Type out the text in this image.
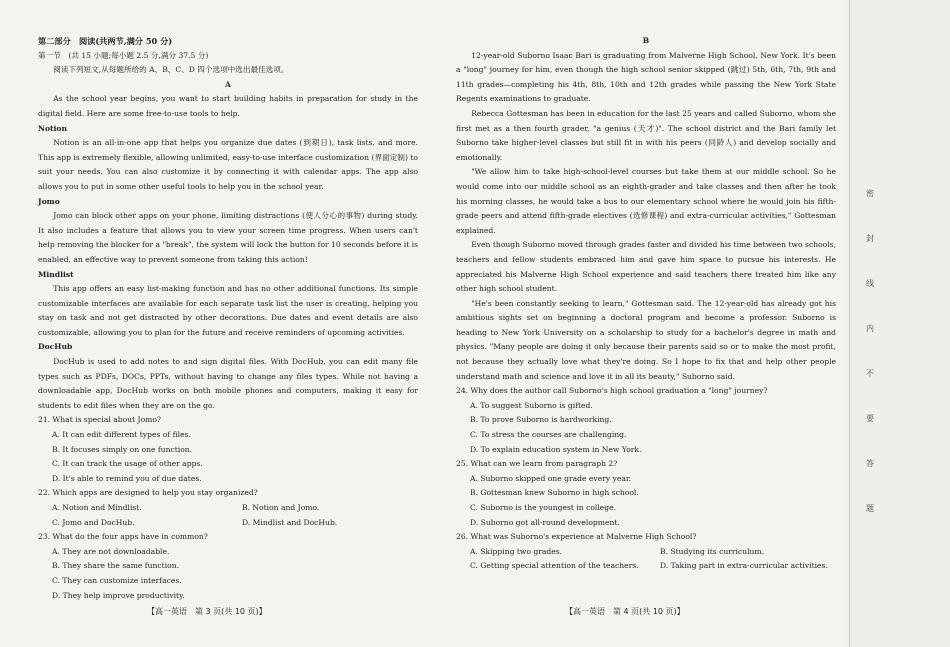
第二部分　阅读(共两节,满分 50 分)

第一节　(共 15 小题;每小题 2.5 分,满分 37.5 分)

阅读下列短文,从每题所给的 A、B、C、D 四个选项中选出最佳选项。

A

As the school year begins, you want to start building habits in preparation for study in the digital field. Here are some free-to-use tools to help.

Notion

Notion is an all-in-one app that helps you organize due dates (到期日), task lists, and more. This app is extremely flexible, allowing unlimited, easy-to-use interface customization (界面定制) to suit your needs. You can also customize it by connecting it with calendar apps. The app also allows you to put in some other useful tools to help you in the school year.

Jomo

Jomo can block other apps on your phone, limiting distractions (使人分心的事物) during study. It also includes a feature that allows you to view your screen time progress. When users can't help removing the blocker for a "break", the system will lock the button for 10 seconds before it is enabled, an effective way to prevent someone from taking this action!

Mindlist

This app offers an easy list-making function and has no other additional functions. Its simple customizable interfaces are available for each separate task list the user is creating, helping you stay on task and not get distracted by other decorations. Due dates and event details are also customizable, allowing you to plan for the future and receive reminders of upcoming activities.

DocHub

DocHub is used to add notes to and sign digital files. With DocHub, you can edit many file types such as PDFs, DOCs, PPTs, without having to change any files types. While not having a downloadable app, DocHub works on both mobile phones and computers, making it easy for students to edit files when they are on the go.

21. What is special about Jomo?

A. It can edit different types of files.

B. It focuses simply on one function.

C. It can track the usage of other apps.

D. It's able to remind you of due dates.

22. Which apps are designed to help you stay organized?

A. Notion and Mindlist.	B. Notion and Jomo.

C. Jomo and DocHub.	D. Mindlist and DocHub.

23. What do the four apps have in common?

A. They are not downloadable.

B. They share the same function.

C. They can customize interfaces.

D. They help improve productivity.

B

12-year-old Suborno Isaac Bari is graduating from Malverne High School, New York. It's been a "long" journey for him, even though the high school senior skipped (跳过) 5th, 6th, 7th, 9th and 11th grades—completing his 4th, 8th, 10th and 12th grades while passing the New York State Regents examinations to graduate.

Rebecca Gottesman has been in education for the last 25 years and called Suborno, whom she first met as a then fourth grader, "a genius (天才)". The school district and the Bari family let Suborno take higher-level classes but still fit in with his peers (同龄人) and develop socially and emotionally.

"We allow him to take high-school-level courses but take them at our middle school. So he would come into our middle school as an eighth-grader and take classes and then after he took his morning classes, he would take a bus to our elementary school where he would join his fifth-grade peers and attend fifth-grade electives (选修课程) and extra-curricular activities," Gottesman explained.

Even though Suborno moved through grades faster and divided his time between two schools, teachers and fellow students embraced him and gave him space to pursue his interests. He appreciated his Malverne High School experience and said teachers there treated him like any other high school student.

"He's been constantly seeking to learn," Gottesman said. The 12-year-old has already got his ambitious sights set on beginning a doctoral program and become a professor. Suborno is heading to New York University on a scholarship to study for a bachelor's degree in math and physics. "Many people are doing it only because their parents said so or to make the most profit, not because they actually love what they're doing. So I hope to fix that and help other people understand math and science and love it in all its beauty," Suborno said.

24. Why does the author call Suborno's high school graduation a "long" journey?

A. To suggest Suborno is gifted.

B. To prove Suborno is hardworking.

C. To stress the courses are challenging.

D. To explain education system in New York.

25. What can we learn from paragraph 2?

A. Suborno skipped one grade every year.

B. Gottesman knew Suborno in high school.

C. Suborno is the youngest in college.

D. Suborno got all-round development.

26. What was Suborno's experience at Malverne High School?

A. Skipping two grades.	B. Studying its curriculum.

C. Getting special attention of the teachers.	D. Taking part in extra-curricular activities.

【高一英语　第 3 页(共 10 页)】	【高一英语　第 4 页(共 10 页)】
密
封
线
内
不
要
答
题
